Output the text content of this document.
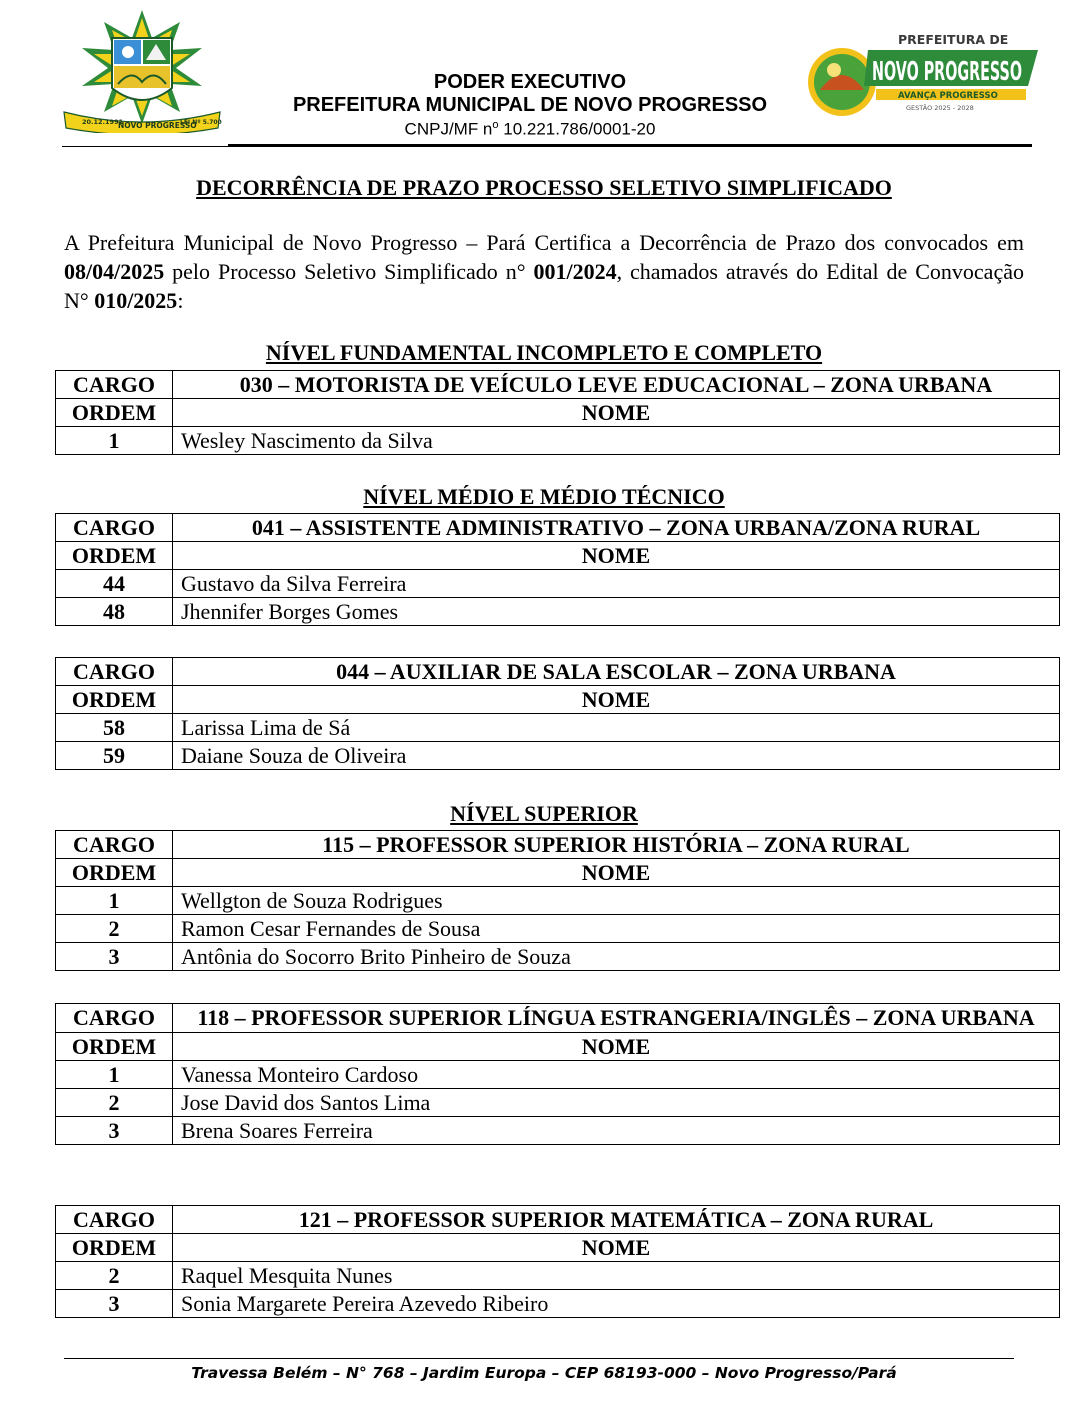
20.12.1991
NOVO PROGRESSO
LEI Nº 5.700
PODER EXECUTIVO
PREFEITURA MUNICIPAL DE NOVO PROGRESSO
CNPJ/MF $n^o$ 10.221.786/0001-20
PREFEITURA DE
NOVO PROGRESSO
AVANÇA PROGRESSO
GESTÃO 2025 - 2028
DECORRÊNCIA DE PRAZO PROCESSO SELETIVO SIMPLIFICADO
A Prefeitura Municipal de Novo Progresso – Pará Certifica a Decorrência de Prazo dos convocados em 08/04/2025 pelo Processo Seletivo Simplificado n° 001/2024, chamados através do Edital de Convocação N° 010/2025:
NÍVEL FUNDAMENTAL INCOMPLETO E COMPLETO
CARGO	030 – MOTORISTA DE VEÍCULO LEVE EDUCACIONAL – ZONA URBANA
ORDEM	NOME
1	Wesley Nascimento da Silva
NÍVEL MÉDIO E MÉDIO TÉCNICO
CARGO	041 – ASSISTENTE ADMINISTRATIVO – ZONA URBANA/ZONA RURAL
ORDEM	NOME
44	Gustavo da Silva Ferreira
48	Jhennifer Borges Gomes
CARGO	044 – AUXILIAR DE SALA ESCOLAR – ZONA URBANA
ORDEM	NOME
58	Larissa Lima de Sá
59	Daiane Souza de Oliveira
NÍVEL SUPERIOR
CARGO	115 – PROFESSOR SUPERIOR HISTÓRIA – ZONA RURAL
ORDEM	NOME
1	Wellgton de Souza Rodrigues
2	Ramon Cesar Fernandes de Sousa
3	Antônia do Socorro Brito Pinheiro de Souza
CARGO	118 – PROFESSOR SUPERIOR LÍNGUA ESTRANGERIA/INGLÊS – ZONA URBANA
ORDEM	NOME
1	Vanessa Monteiro Cardoso
2	Jose David dos Santos Lima
3	Brena Soares Ferreira
CARGO	121 – PROFESSOR SUPERIOR MATEMÁTICA – ZONA RURAL
ORDEM	NOME
2	Raquel Mesquita Nunes
3	Sonia Margarete Pereira Azevedo Ribeiro
Travessa Belém – N° 768 – Jardim Europa – CEP 68193-000 – Novo Progresso/Pará
